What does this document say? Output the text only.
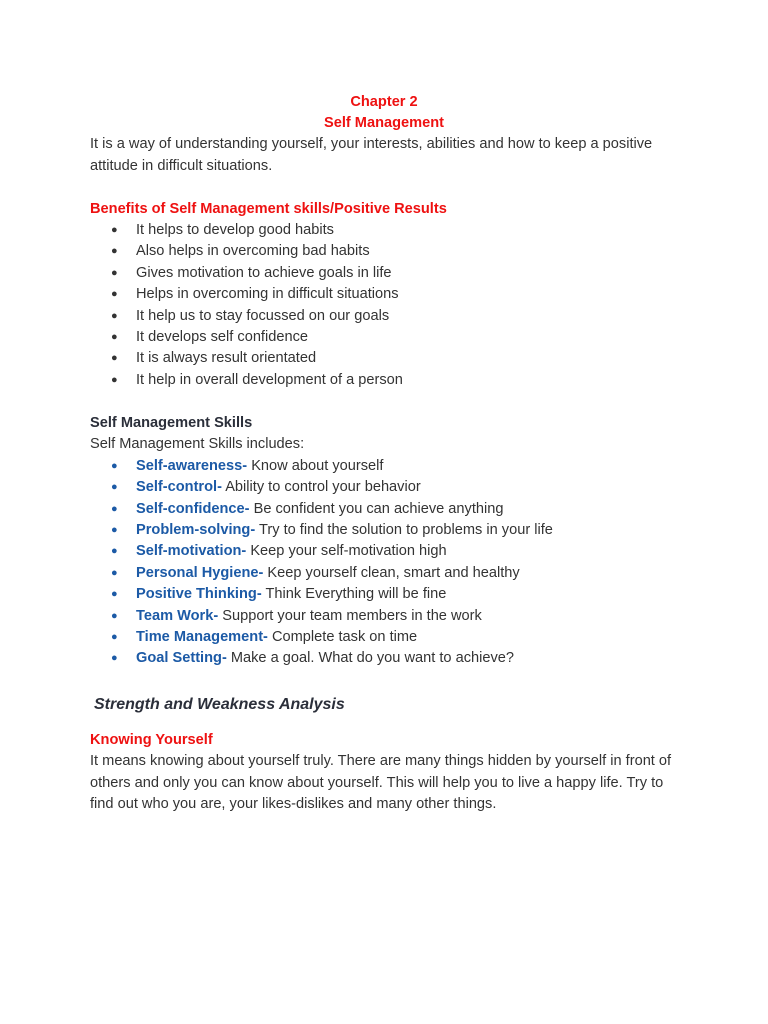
Chapter 2
Self Management

It is a way of understanding yourself, your interests, abilities and how to keep a positive attitude in difficult situations.

Benefits of Self Management skills/Positive Results
● It helps to develop good habits
● Also helps in overcoming bad habits
● Gives motivation to achieve goals in life
● Helps in overcoming in difficult situations
● It help us to stay focussed on our goals
● It develops self confidence
● It is always result orientated
● It help in overall development of a person
Self Management Skills

Self Management Skills includes:

● Self-awareness- Know about yourself
● Self-control- Ability to control your behavior
● Self-confidence- Be confident you can achieve anything
● Problem-solving- Try to find the solution to problems in your life
● Self-motivation- Keep your self-motivation high
● Personal Hygiene- Keep yourself clean, smart and healthy
● Positive Thinking- Think Everything will be fine
● Team Work- Support your team members in the work
● Time Management- Complete task on time
● Goal Setting- Make a goal. What do you want to achieve?
Strength and Weakness Analysis
Knowing Yourself

It means knowing about yourself truly. There are many things hidden by yourself in front of others and only you can know about yourself. This will help you to live a happy life. Try to find out who you are, your likes-dislikes and many other things.
